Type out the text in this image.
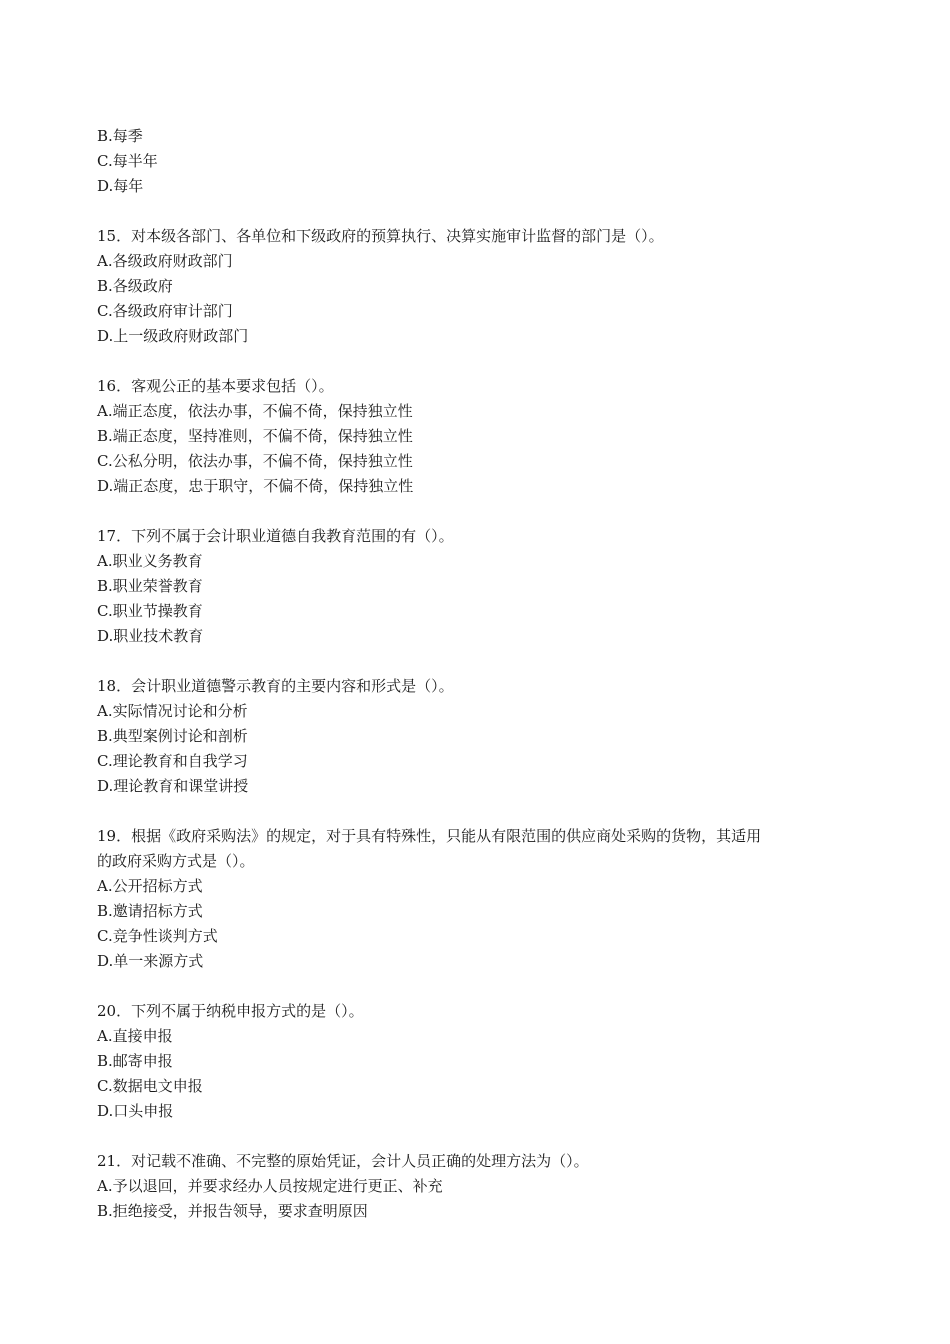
B.每季
C.每半年
D.每年
15．对本级各部门、各单位和下级政府的预算执行、决算实施审计监督的部门是（）。
A.各级政府财政部门
B.各级政府
C.各级政府审计部门
D.上一级政府财政部门
16．客观公正的基本要求包括（）。
A.端正态度，依法办事，不偏不倚，保持独立性
B.端正态度，坚持准则，不偏不倚，保持独立性
C.公私分明，依法办事，不偏不倚，保持独立性
D.端正态度，忠于职守，不偏不倚，保持独立性
17．下列不属于会计职业道德自我教育范围的有（）。
A.职业义务教育
B.职业荣誉教育
C.职业节操教育
D.职业技术教育
18．会计职业道德警示教育的主要内容和形式是（）。
A.实际情况讨论和分析
B.典型案例讨论和剖析
C.理论教育和自我学习
D.理论教育和课堂讲授
19．根据《政府采购法》的规定，对于具有特殊性，只能从有限范围的供应商处采购的货物，其适用
的政府采购方式是（）。
A.公开招标方式
B.邀请招标方式
C.竞争性谈判方式
D.单一来源方式
20．下列不属于纳税申报方式的是（）。
A.直接申报
B.邮寄申报
C.数据电文申报
D.口头申报
21．对记载不准确、不完整的原始凭证，会计人员正确的处理方法为（）。
A.予以退回，并要求经办人员按规定进行更正、补充
B.拒绝接受，并报告领导，要求查明原因
